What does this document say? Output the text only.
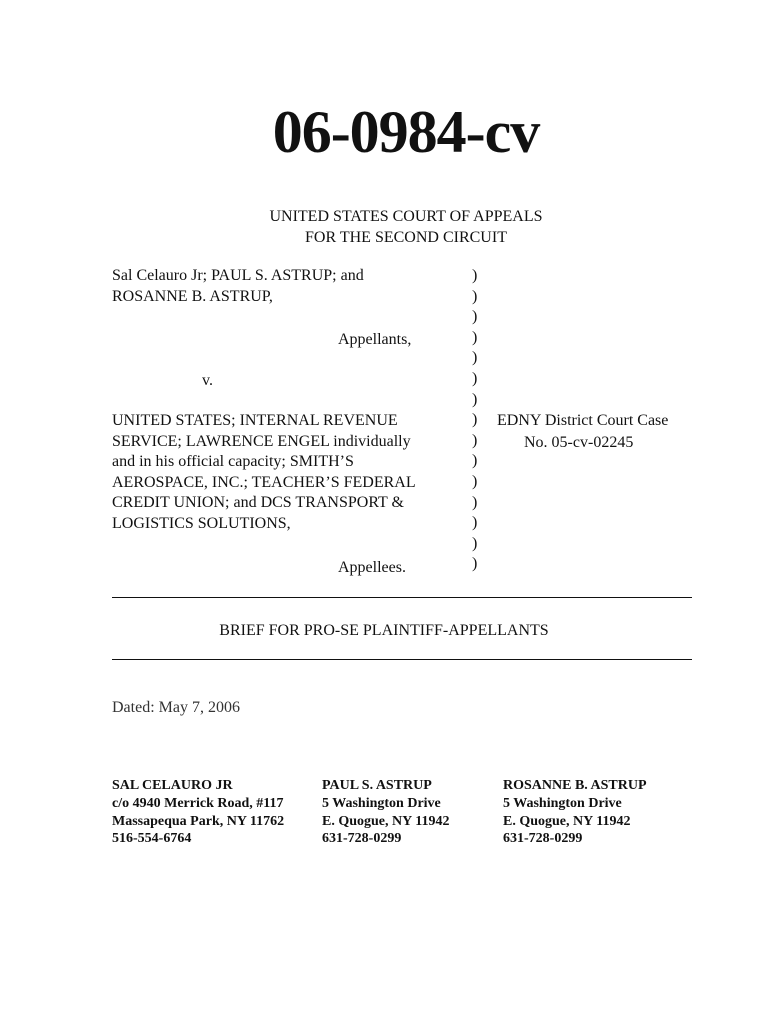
06-0984-cv
UNITED STATES COURT OF APPEALS
FOR THE SECOND CIRCUIT
Sal Celauro Jr; PAUL S. ASTRUP; and
ROSANNE B. ASTRUP,
Appellants,
v.
UNITED STATES; INTERNAL REVENUE
SERVICE; LAWRENCE ENGEL individually
and in his official capacity; SMITH’S
AEROSPACE, INC.; TEACHER’S FEDERAL
CREDIT UNION; and DCS TRANSPORT &
LOGISTICS SOLUTIONS,
Appellees.
)
)
)
)
)
)
)
)
)
)
)
)
)
)
)
EDNY District Court Case
No. 05-cv-02245
BRIEF FOR PRO-SE PLAINTIFF-APPELLANTS
Dated: May 7, 2006
SAL CELAURO JR
c/o 4940 Merrick Road, #117
Massapequa Park, NY 11762
516-554-6764
PAUL S. ASTRUP
5 Washington Drive
E. Quogue, NY 11942
631-728-0299
ROSANNE B. ASTRUP
5 Washington Drive
E. Quogue, NY 11942
631-728-0299
